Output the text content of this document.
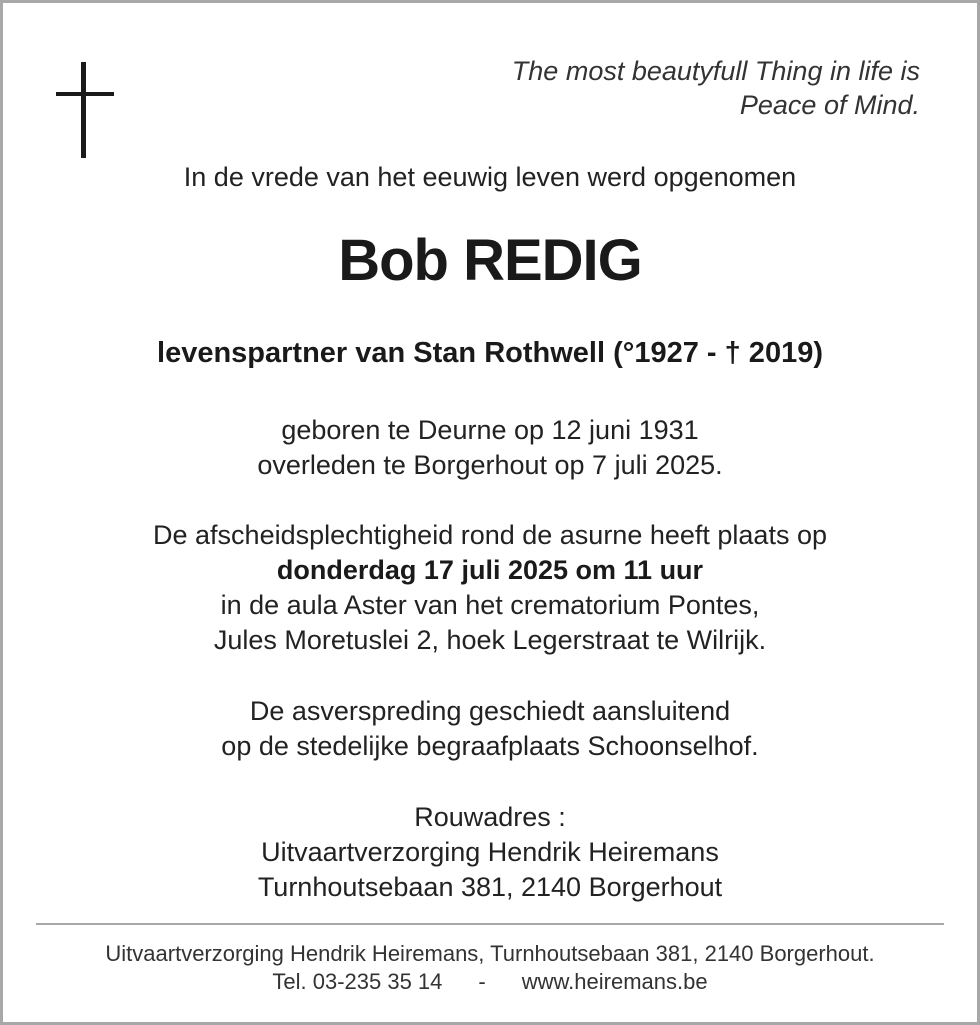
The most beautyfull Thing in life is
Peace of Mind.
In de vrede van het eeuwig leven werd opgenomen
Bob REDIG
levenspartner van Stan Rothwell (°1927 - † 2019)
geboren te Deurne op 12 juni 1931
overleden te Borgerhout op 7 juli 2025.
De afscheidsplechtigheid rond de asurne heeft plaats op
donderdag 17 juli 2025 om 11 uur
in de aula Aster van het crematorium Pontes,
Jules Moretuslei 2, hoek Legerstraat te Wilrijk.
De asverspreding geschiedt aansluitend
op de stedelijke begraafplaats Schoonselhof.
Rouwadres :
Uitvaartverzorging Hendrik Heiremans
Turnhoutsebaan 381, 2140 Borgerhout
Uitvaartverzorging Hendrik Heiremans, Turnhoutsebaan 381, 2140 Borgerhout.
Tel. 03-235 35 14 - www.heiremans.be
